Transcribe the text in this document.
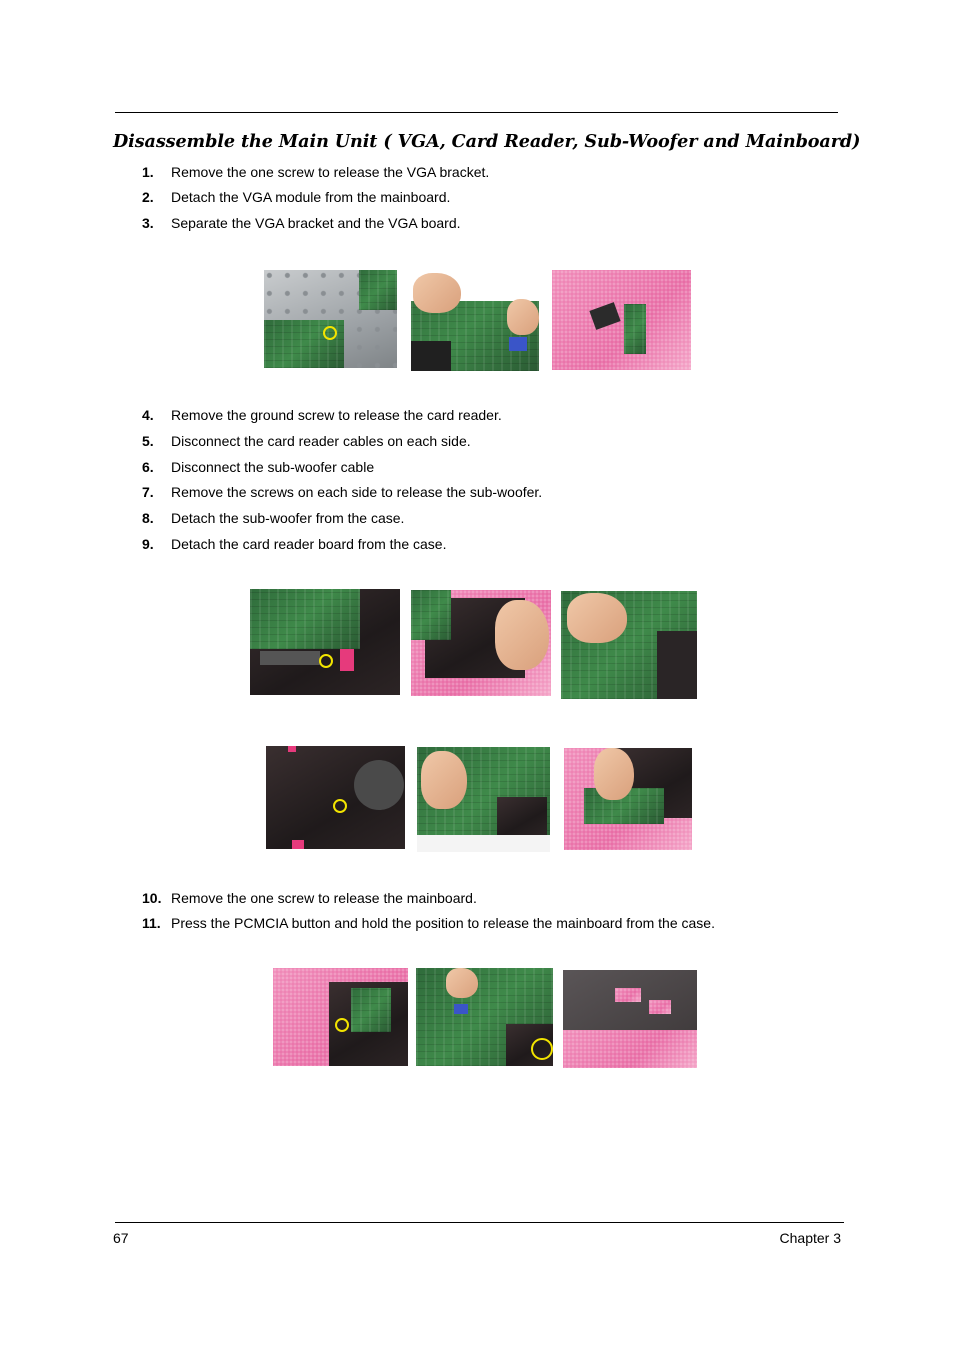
Disassemble the Main Unit ( VGA, Card Reader, Sub-Woofer and Mainboard)
1. Remove the one screw to release the VGA bracket.
2. Detach the VGA module from the mainboard.
3. Separate the VGA bracket and the VGA board.
4. Remove the ground screw to release the card reader.
5. Disconnect the card reader cables on each side.
6. Disconnect the sub-woofer cable
7. Remove the screws on each side to release the sub-woofer.
8. Detach the sub-woofer from the case.
9. Detach the card reader board from the case.
10. Remove the one screw to release the mainboard.
11. Press the PCMCIA button and hold the position to release the mainboard from the case.
67	Chapter 3
